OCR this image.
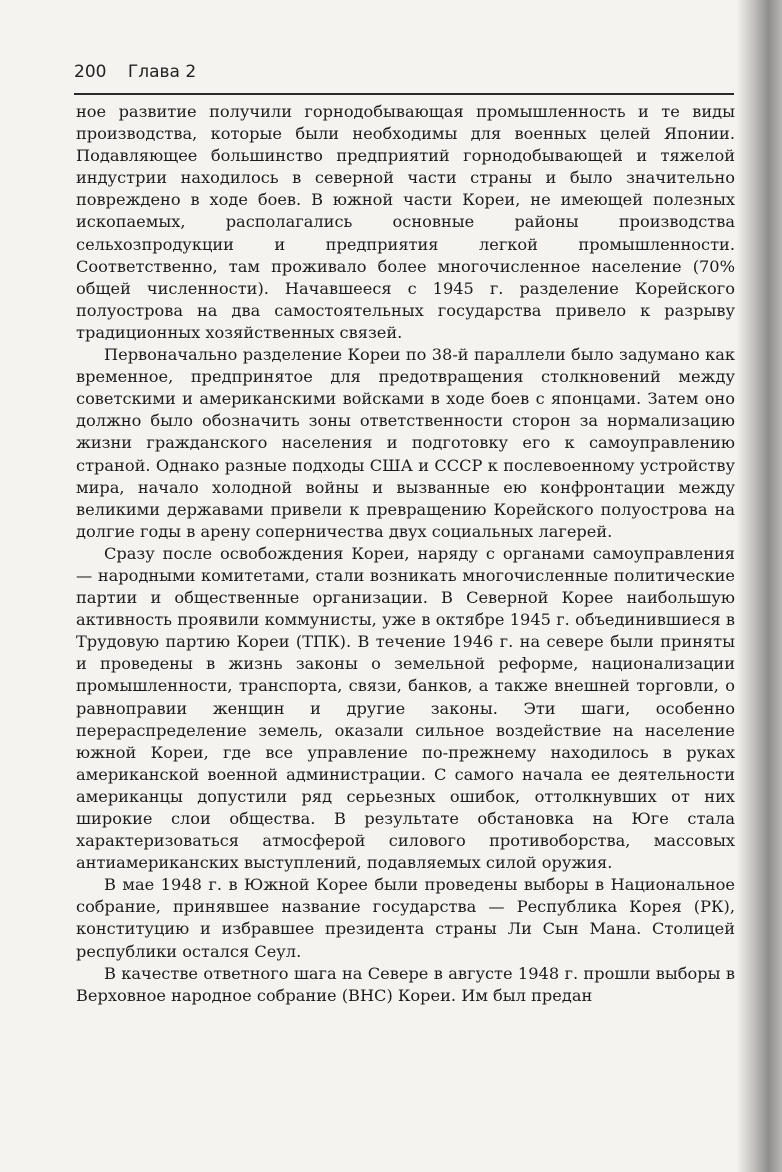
200 Глава 2

ное развитие получили горнодобывающая промышленность и те виды производства, которые были необходимы для военных целей Японии. Подавляющее большинство предприятий горнодобывающей и тяжелой индустрии находилось в северной части страны и было значительно повреждено в ходе боев. В южной части Кореи, не имеющей полезных ископаемых, располагались основные районы производства сельхозпродукции и предприятия легкой промышленности. Соответственно, там проживало более многочисленное население (70% общей численности). Начавшееся с 1945 г. разделение Корейского полуострова на два самостоятельных государства привело к разрыву традиционных хозяйственных связей.

Первоначально разделение Кореи по 38-й параллели было задумано как временное, предпринятое для предотвращения столкновений между советскими и американскими войсками в ходе боев с японцами. Затем оно должно было обозначить зоны ответственности сторон за нормализацию жизни гражданского населения и подготовку его к самоуправлению страной. Однако разные подходы США и СССР к послевоенному устройству мира, начало холодной войны и вызванные ею конфронтации между великими державами привели к превращению Корейского полуострова на долгие годы в арену соперничества двух социальных лагерей.

Сразу после освобождения Кореи, наряду с органами самоуправления — народными комитетами, стали возникать многочисленные политические партии и общественные организации. В Северной Корее наибольшую активность проявили коммунисты, уже в октябре 1945 г. объединившиеся в Трудовую партию Кореи (ТПК). В течение 1946 г. на севере были приняты и проведены в жизнь законы о земельной реформе, национализации промышленности, транспорта, связи, банков, а также внешней торговли, о равноправии женщин и другие законы. Эти шаги, особенно перераспределение земель, оказали сильное воздействие на население южной Кореи, где все управление по-прежнему находилось в руках американской военной администрации. С самого начала ее деятельности американцы допустили ряд серьезных ошибок, оттолкнувших от них широкие слои общества. В результате обстановка на Юге стала характеризоваться атмосферой силового противоборства, массовых антиамериканских выступлений, подавляемых силой оружия.

В мае 1948 г. в Южной Корее были проведены выборы в Национальное собрание, принявшее название государства — Республика Корея (РК), конституцию и избравшее президента страны Ли Сын Мана. Столицей республики остался Сеул.

В качестве ответного шага на Севере в августе 1948 г. прошли выборы в Верховное народное собрание (ВНС) Кореи. Им был предан
